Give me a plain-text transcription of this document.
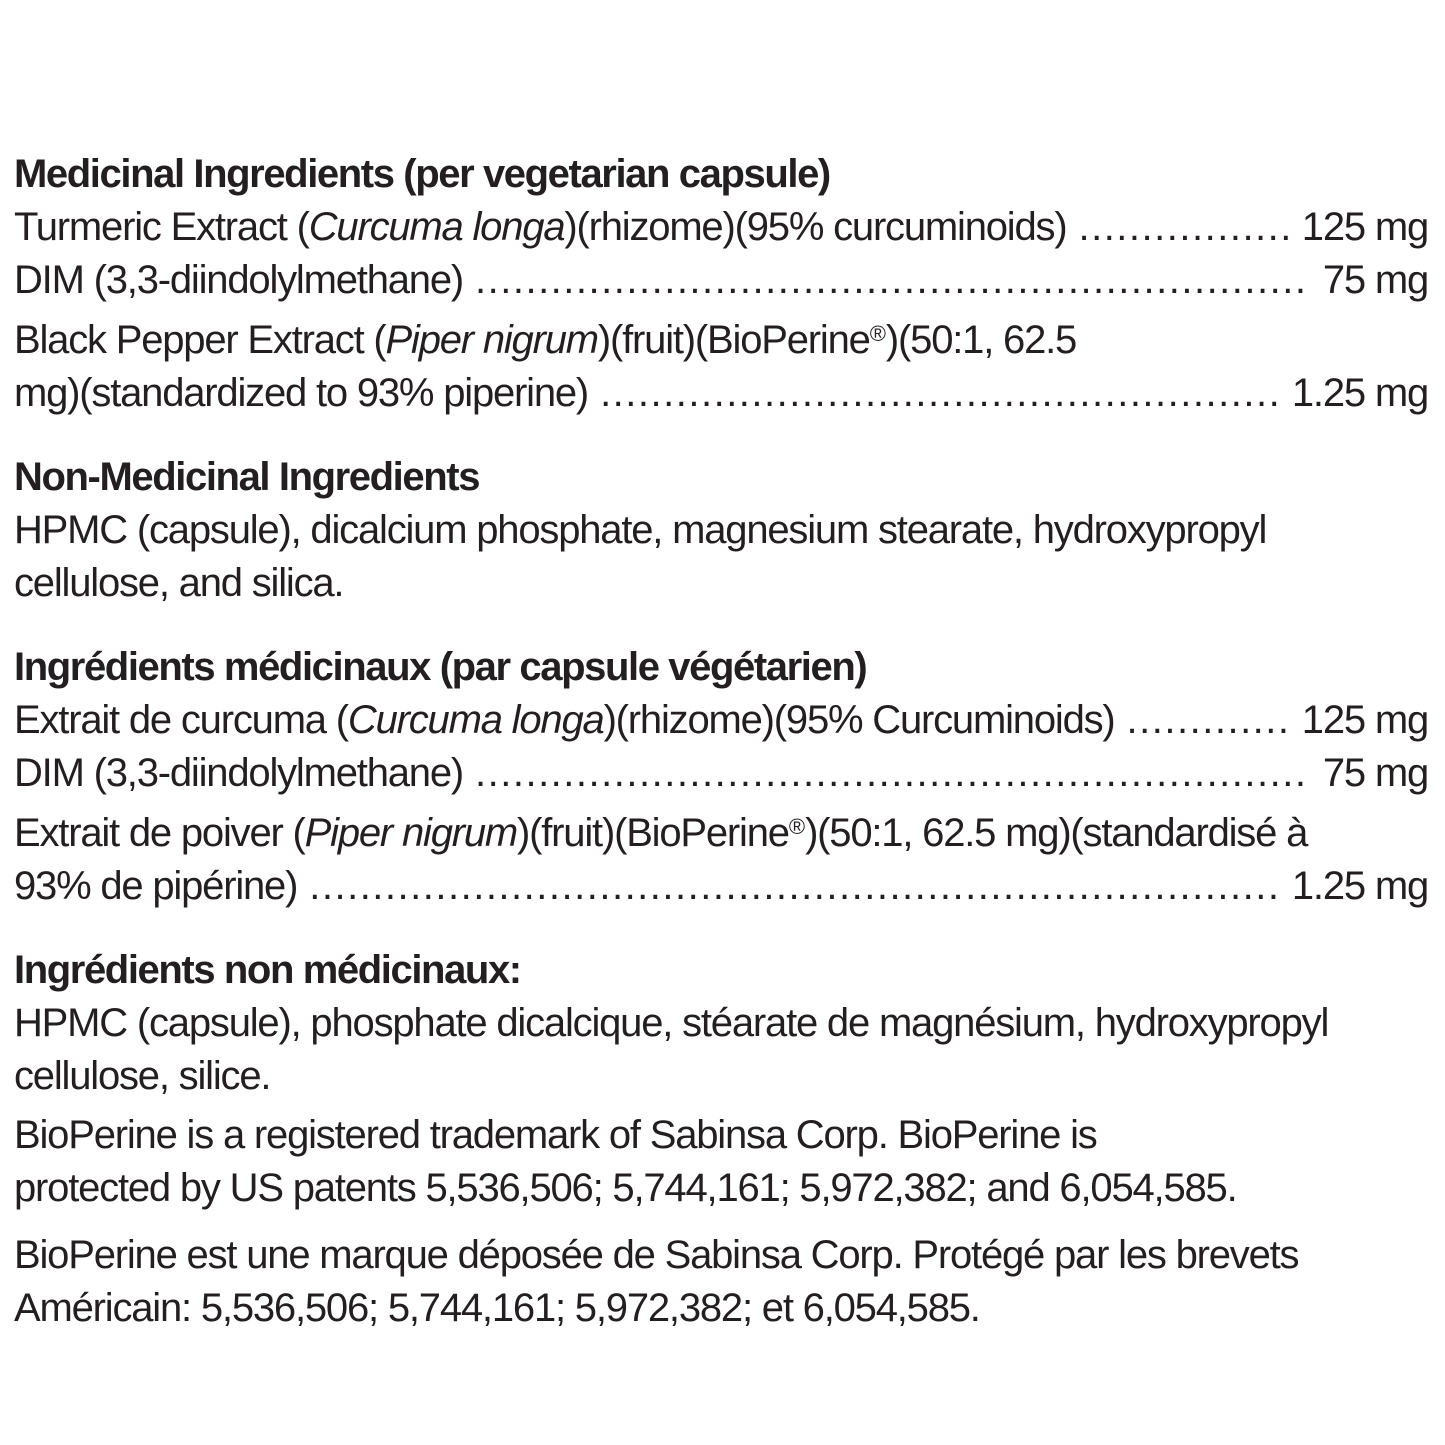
Medicinal Ingredients (per vegetarian capsule)
Turmeric Extract (Curcuma longa)(rhizome)(95% curcuminoids) .....	125 mg
DIM (3,3-diindolylmethane) .....	75 mg
Black Pepper Extract (Piper nigrum)(fruit)(BioPerine®)(50:1, 62.5
mg)(standardized to 93% piperine) .....	1.25 mg
Non-Medicinal Ingredients
HPMC (capsule), dicalcium phosphate, magnesium stearate, hydroxypropyl
cellulose, and silica.
Ingrédients médicinaux (par capsule végétarien)
Extrait de curcuma (Curcuma longa)(rhizome)(95% Curcuminoids) .....	125 mg
DIM (3,3-diindolylmethane) .....	75 mg
Extrait de poiver (Piper nigrum)(fruit)(BioPerine®)(50:1, 62.5 mg)(standardisé à
93% de pipérine) .....	1.25 mg
Ingrédients non médicinaux:
HPMC (capsule), phosphate dicalcique, stéarate de magnésium, hydroxypropyl
cellulose, silice.
BioPerine is a registered trademark of Sabinsa Corp. BioPerine is
protected by US patents 5,536,506; 5,744,161; 5,972,382; and 6,054,585.
BioPerine est une marque déposée de Sabinsa Corp. Protégé par les brevets
Américain: 5,536,506; 5,744,161; 5,972,382; et 6,054,585.
